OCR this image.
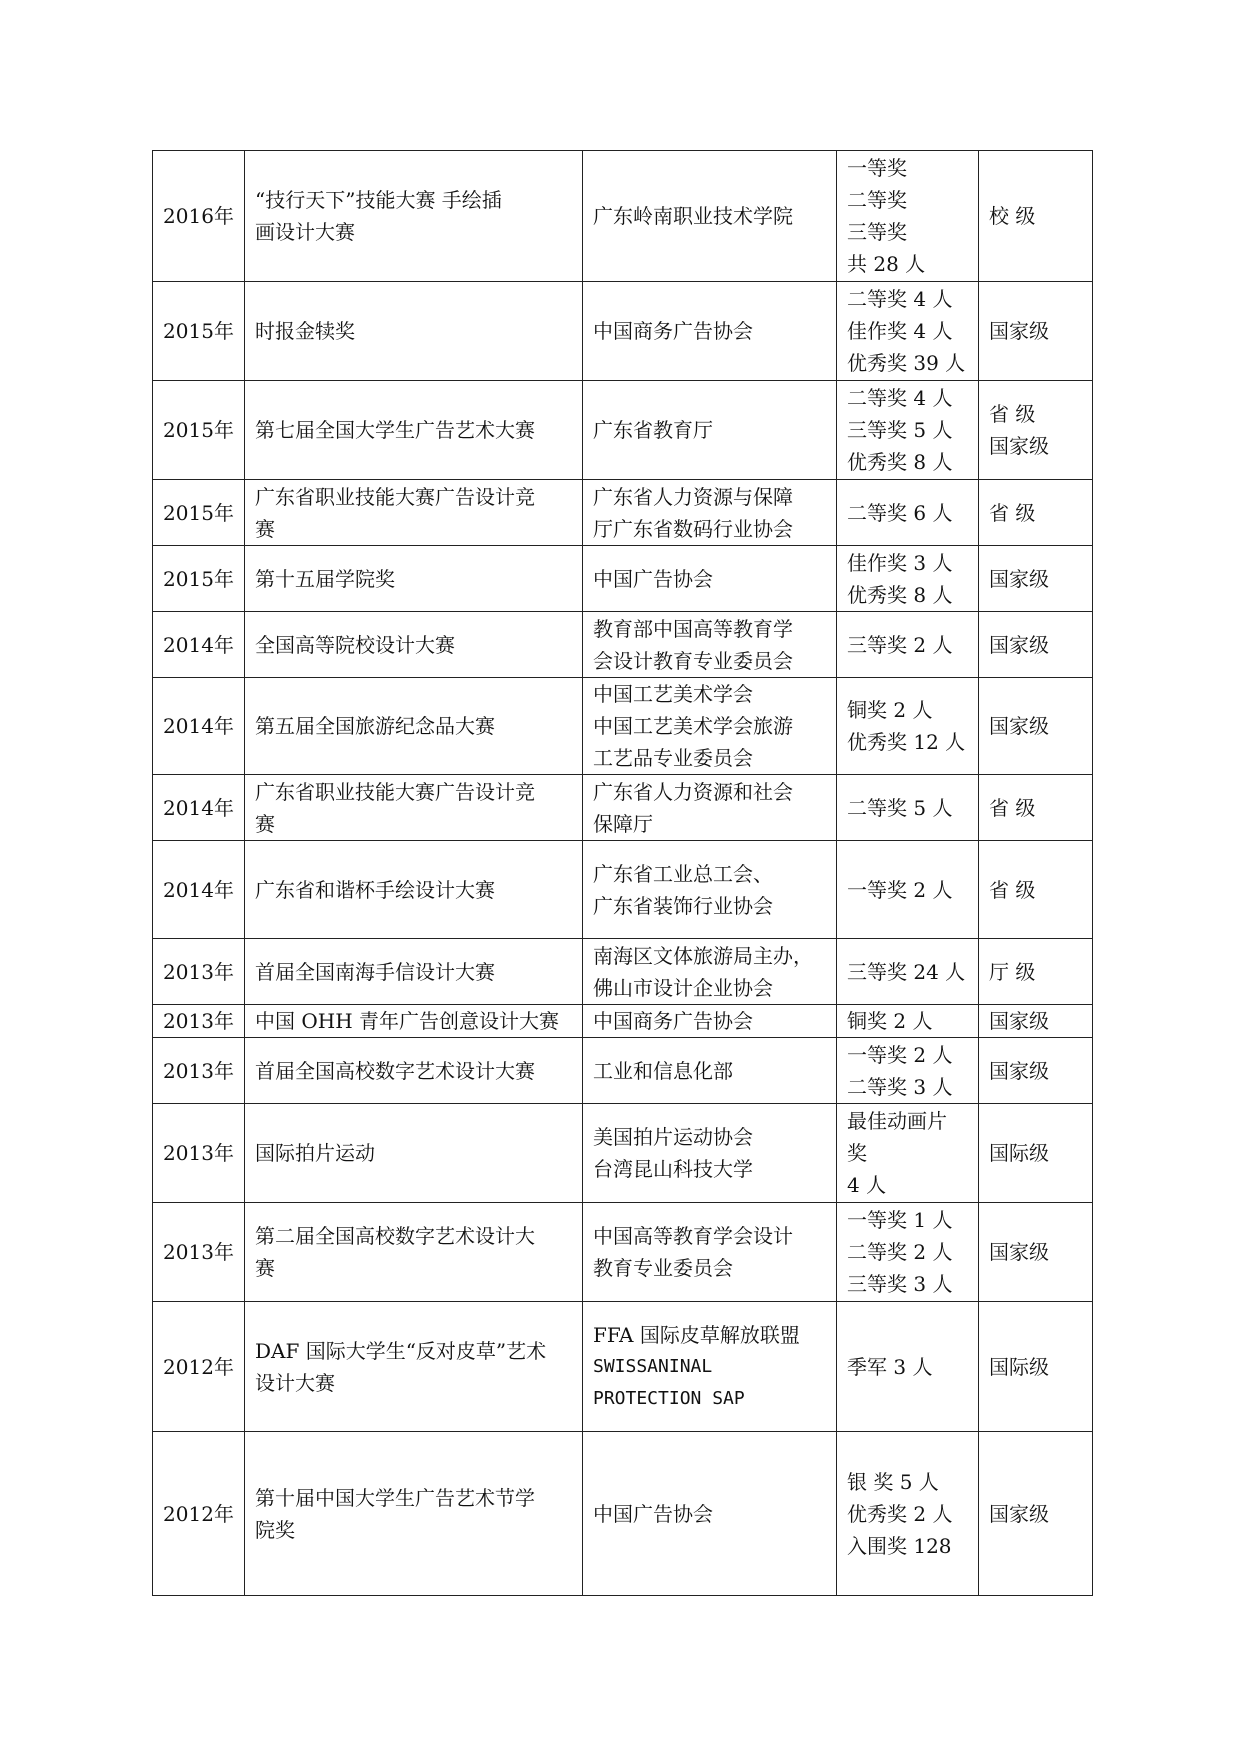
2016年	“技行天下”技能大赛 手绘插
画设计大赛	广东岭南职业技术学院	一等奖
二等奖
三等奖
共 28 人	校 级

2015年	时报金犊奖	中国商务广告协会	二等奖 4 人
佳作奖 4 人
优秀奖 39 人	国家级

2015年	第七届全国大学生广告艺术大赛	广东省教育厅	二等奖 4 人
三等奖 5 人
优秀奖 8 人	省 级
国家级

2015年	广东省职业技能大赛广告设计竞
赛	广东省人力资源与保障
厅广东省数码行业协会	二等奖 6 人	省 级

2015年	第十五届学院奖	中国广告协会	佳作奖 3 人
优秀奖 8 人	国家级

2014年	全国高等院校设计大赛	教育部中国高等教育学
会设计教育专业委员会	三等奖 2 人	国家级

2014年	第五届全国旅游纪念品大赛	中国工艺美术学会
中国工艺美术学会旅游
工艺品专业委员会	铜奖 2 人
优秀奖 12 人	国家级

2014年	广东省职业技能大赛广告设计竞
赛	广东省人力资源和社会
保障厅	二等奖 5 人	省 级

2014年	广东省和谐杯手绘设计大赛	广东省工业总工会、
广东省装饰行业协会	一等奖 2 人	省 级

2013年	首届全国南海手信设计大赛	南海区文体旅游局主办，
佛山市设计企业协会	三等奖 24 人	厅 级

2013年	中国 OHH 青年广告创意设计大赛	中国商务广告协会	铜奖 2 人	国家级

2013年	首届全国高校数字艺术设计大赛	工业和信息化部	一等奖 2 人
二等奖 3 人	国家级

2013年	国际拍片运动	美国拍片运动协会
台湾昆山科技大学	最佳动画片
奖
4 人	国际级

2013年	第二届全国高校数字艺术设计大
赛	中国高等教育学会设计
教育专业委员会	一等奖 1 人
二等奖 2 人
三等奖 3 人	国家级

2012年	DAF 国际大学生“反对皮草”艺术
设计大赛	FFA 国际皮草解放联盟
SWISSANINAL
PROTECTION SAP	季军 3 人	国际级

2012年	第十届中国大学生广告艺术节学
院奖	中国广告协会	银 奖 5 人
优秀奖 2 人
入围奖 128	国家级
